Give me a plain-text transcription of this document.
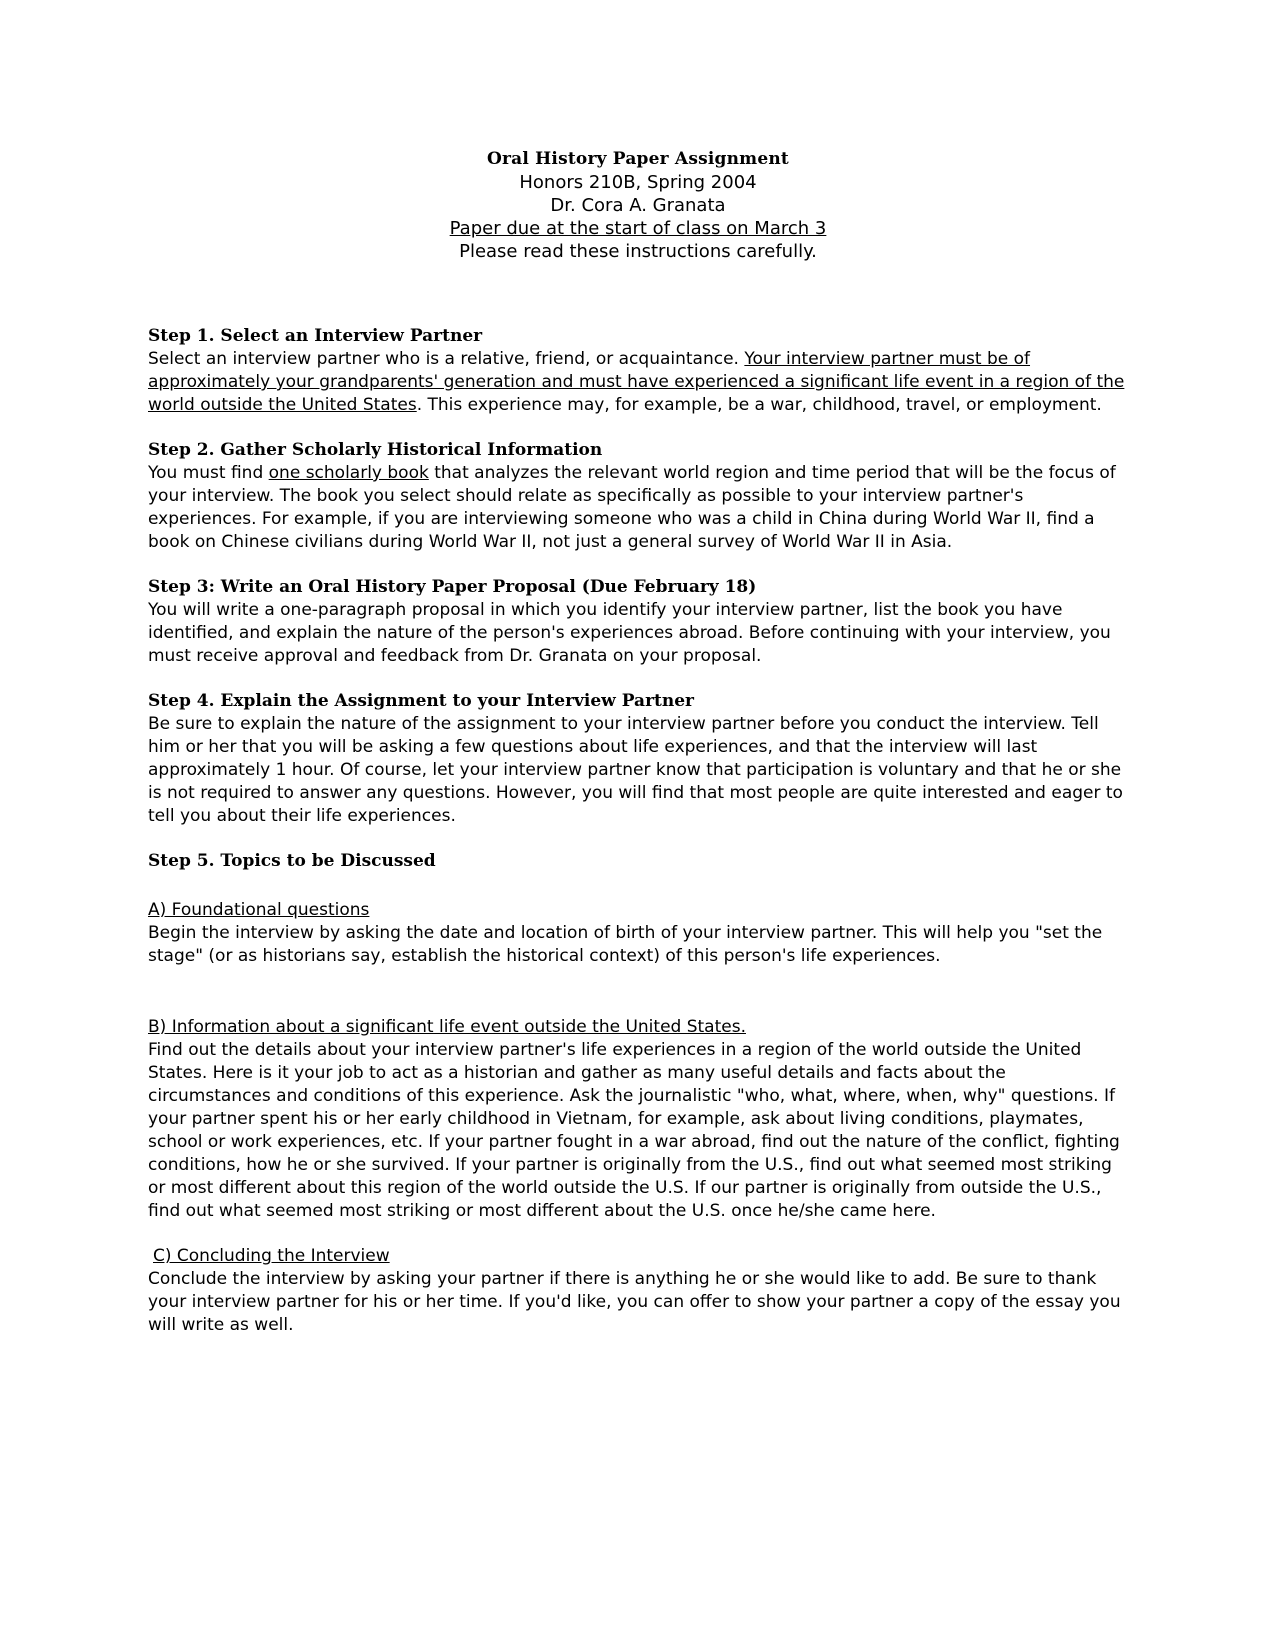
Oral History Paper Assignment
Honors 210B, Spring 2004
Dr. Cora A. Granata
Paper due at the start of class on March 3
Please read these instructions carefully.
Step 1. Select an Interview Partner

Select an interview partner who is a relative, friend, or acquaintance. Your interview partner must be of approximately your grandparents' generation and must have experienced a significant life event in a region of the world outside the United States. This experience may, for example, be a war, childhood, travel, or employment.

Step 2. Gather Scholarly Historical Information

You must find one scholarly book that analyzes the relevant world region and time period that will be the focus of your interview. The book you select should relate as specifically as possible to your interview partner's experiences. For example, if you are interviewing someone who was a child in China during World War II, find a book on Chinese civilians during World War II, not just a general survey of World War II in Asia.

Step 3: Write an Oral History Paper Proposal (Due February 18)

You will write a one-paragraph proposal in which you identify your interview partner, list the book you have identified, and explain the nature of the person's experiences abroad. Before continuing with your interview, you must receive approval and feedback from Dr. Granata on your proposal.

Step 4. Explain the Assignment to your Interview Partner

Be sure to explain the nature of the assignment to your interview partner before you conduct the interview. Tell him or her that you will be asking a few questions about life experiences, and that the interview will last approximately 1 hour. Of course, let your interview partner know that participation is voluntary and that he or she is not required to answer any questions. However, you will find that most people are quite interested and eager to tell you about their life experiences.

Step 5. Topics to be Discussed
A) Foundational questions

Begin the interview by asking the date and location of birth of your interview partner. This will help you "set the stage" (or as historians say, establish the historical context) of this person's life experiences.

B) Information about a significant life event outside the United States.

Find out the details about your interview partner's life experiences in a region of the world outside the United States. Here is it your job to act as a historian and gather as many useful details and facts about the circumstances and conditions of this experience. Ask the journalistic "who, what, where, when, why" questions. If your partner spent his or her early childhood in Vietnam, for example, ask about living conditions, playmates, school or work experiences, etc. If your partner fought in a war abroad, find out the nature of the conflict, fighting conditions, how he or she survived. If your partner is originally from the U.S., find out what seemed most striking or most different about this region of the world outside the U.S. If our partner is originally from outside the U.S., find out what seemed most striking or most different about the U.S. once he/she came here.

C) Concluding the Interview

Conclude the interview by asking your partner if there is anything he or she would like to add. Be sure to thank your interview partner for his or her time. If you'd like, you can offer to show your partner a copy of the essay you will write as well.
